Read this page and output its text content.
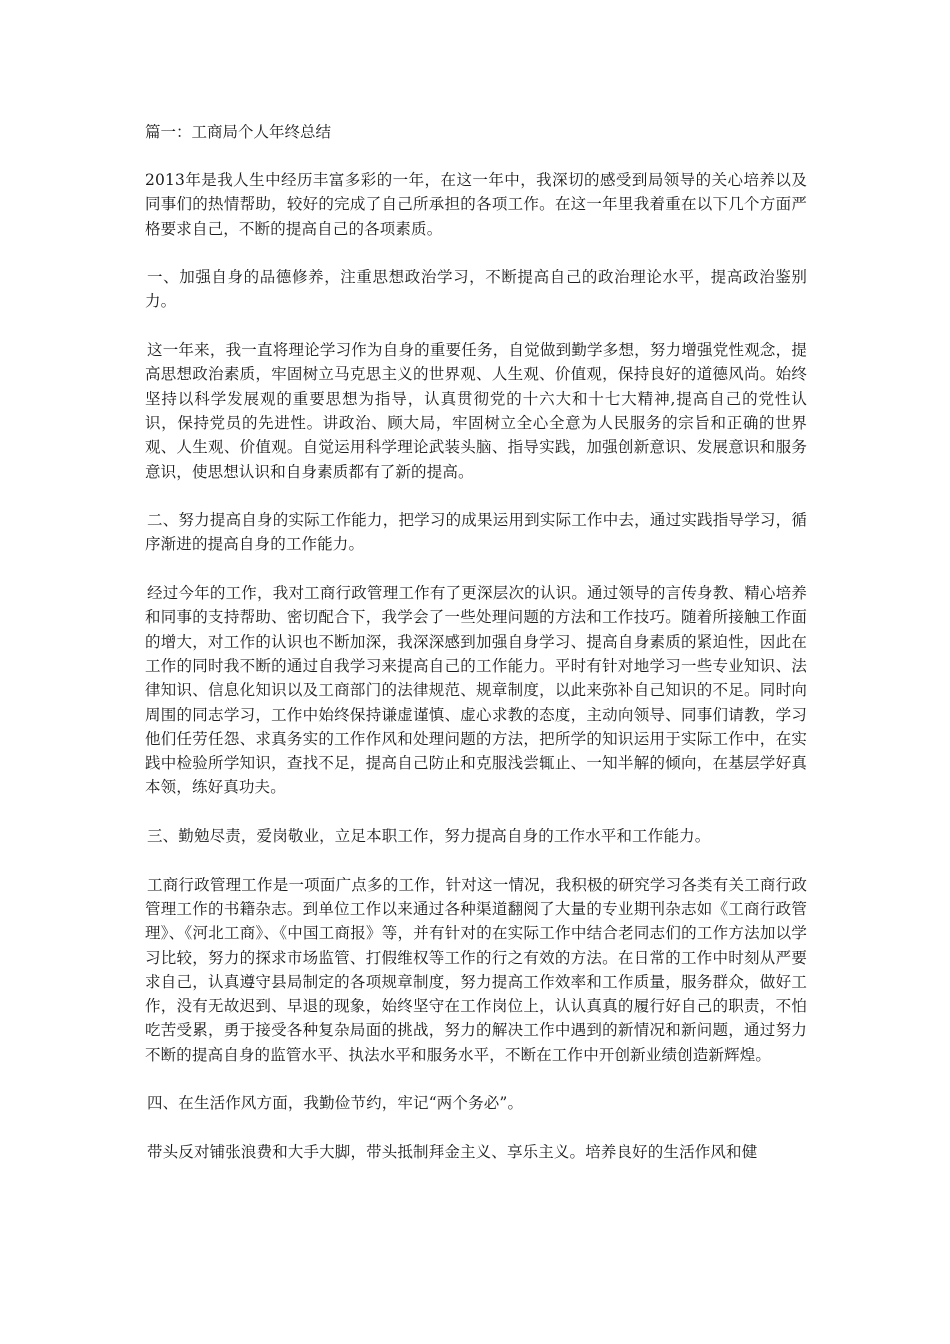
篇一：工商局个人年终总结

2013年是我人生中经历丰富多彩的一年，在这一年中，我深切的感受到局领导的关心培养以及同事们的热情帮助，较好的完成了自己所承担的各项工作。在这一年里我着重在以下几个方面严格要求自己，不断的提高自己的各项素质。

一、加强自身的品德修养，注重思想政治学习，不断提高自己的政治理论水平，提高政治鉴别力。

这一年来，我一直将理论学习作为自身的重要任务，自觉做到勤学多想，努力增强党性观念，提高思想政治素质，牢固树立马克思主义的世界观、人生观、价值观，保持良好的道德风尚。始终坚持以科学发展观的重要思想为指导，认真贯彻党的十六大和十七大精神,提高自己的党性认识，保持党员的先进性。讲政治、顾大局，牢固树立全心全意为人民服务的宗旨和正确的世界观、人生观、价值观。自觉运用科学理论武装头脑、指导实践，加强创新意识、发展意识和服务意识，使思想认识和自身素质都有了新的提高。

二、努力提高自身的实际工作能力，把学习的成果运用到实际工作中去，通过实践指导学习，循序渐进的提高自身的工作能力。

经过今年的工作，我对工商行政管理工作有了更深层次的认识。通过领导的言传身教、精心培养和同事的支持帮助、密切配合下，我学会了一些处理问题的方法和工作技巧。随着所接触工作面的增大，对工作的认识也不断加深，我深深感到加强自身学习、提高自身素质的紧迫性，因此在工作的同时我不断的通过自我学习来提高自己的工作能力。平时有针对地学习一些专业知识、法律知识、信息化知识以及工商部门的法律规范、规章制度，以此来弥补自己知识的不足。同时向周围的同志学习，工作中始终保持谦虚谨慎、虚心求教的态度，主动向领导、同事们请教，学习他们任劳任怨、求真务实的工作作风和处理问题的方法，把所学的知识运用于实际工作中，在实践中检验所学知识，查找不足，提高自己防止和克服浅尝辄止、一知半解的倾向，在基层学好真本领，练好真功夫。

三、勤勉尽责，爱岗敬业，立足本职工作，努力提高自身的工作水平和工作能力。

工商行政管理工作是一项面广点多的工作，针对这一情况，我积极的研究学习各类有关工商行政管理工作的书籍杂志。到单位工作以来通过各种渠道翻阅了大量的专业期刊杂志如《工商行政管理》、《河北工商》、《中国工商报》等，并有针对的在实际工作中结合老同志们的工作方法加以学习比较，努力的探求市场监管、打假维权等工作的行之有效的方法。在日常的工作中时刻从严要求自己，认真遵守县局制定的各项规章制度，努力提高工作效率和工作质量，服务群众，做好工作，没有无故迟到、早退的现象，始终坚守在工作岗位上，认认真真的履行好自己的职责，不怕吃苦受累，勇于接受各种复杂局面的挑战，努力的解决工作中遇到的新情况和新问题，通过努力不断的提高自身的监管水平、执法水平和服务水平，不断在工作中开创新业绩创造新辉煌。

四、在生活作风方面，我勤俭节约，牢记“两个务必”。

带头反对铺张浪费和大手大脚，带头抵制拜金主义、享乐主义。培养良好的生活作风和健
